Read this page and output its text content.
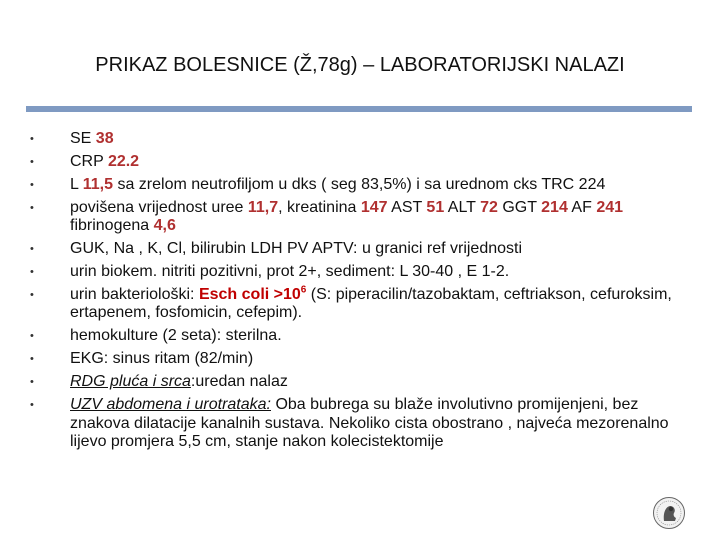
PRIKAZ BOLESNICE (Ž,78g) – LABORATORIJSKI NALAZI
• SE 38
• CRP 22.2
• L 11,5 sa zrelom neutrofiljom u dks ( seg 83,5%) i sa urednom cks TRC 224
• povišena vrijednost uree 11,7, kreatinina 147 AST 51 ALT 72 GGT 214 AF 241 fibrinogena 4,6
• GUK, Na , K, Cl, bilirubin LDH PV APTV: u granici ref vrijednosti
• urin biokem. nitriti pozitivni, prot 2+, sediment: L 30-40 , E 1-2.
• urin bakteriološki: Esch coli $>10^6$ (S: piperacilin/tazobaktam, ceftriakson, cefuroksim, ertapenem, fosfomicin, cefepim).
• hemokulture (2 seta): sterilna.
• EKG: sinus ritam (82/min)
• RDG pluća i srca:uredan nalaz
• UZV abdomena i urotrataka: Oba bubrega su blaže involutivno promijenjeni, bez znakova dilatacije kanalnih sustava. Nekoliko cista obostrano , najveća mezorenalno lijevo promjera 5,5 cm, stanje nakon kolecistektomije
